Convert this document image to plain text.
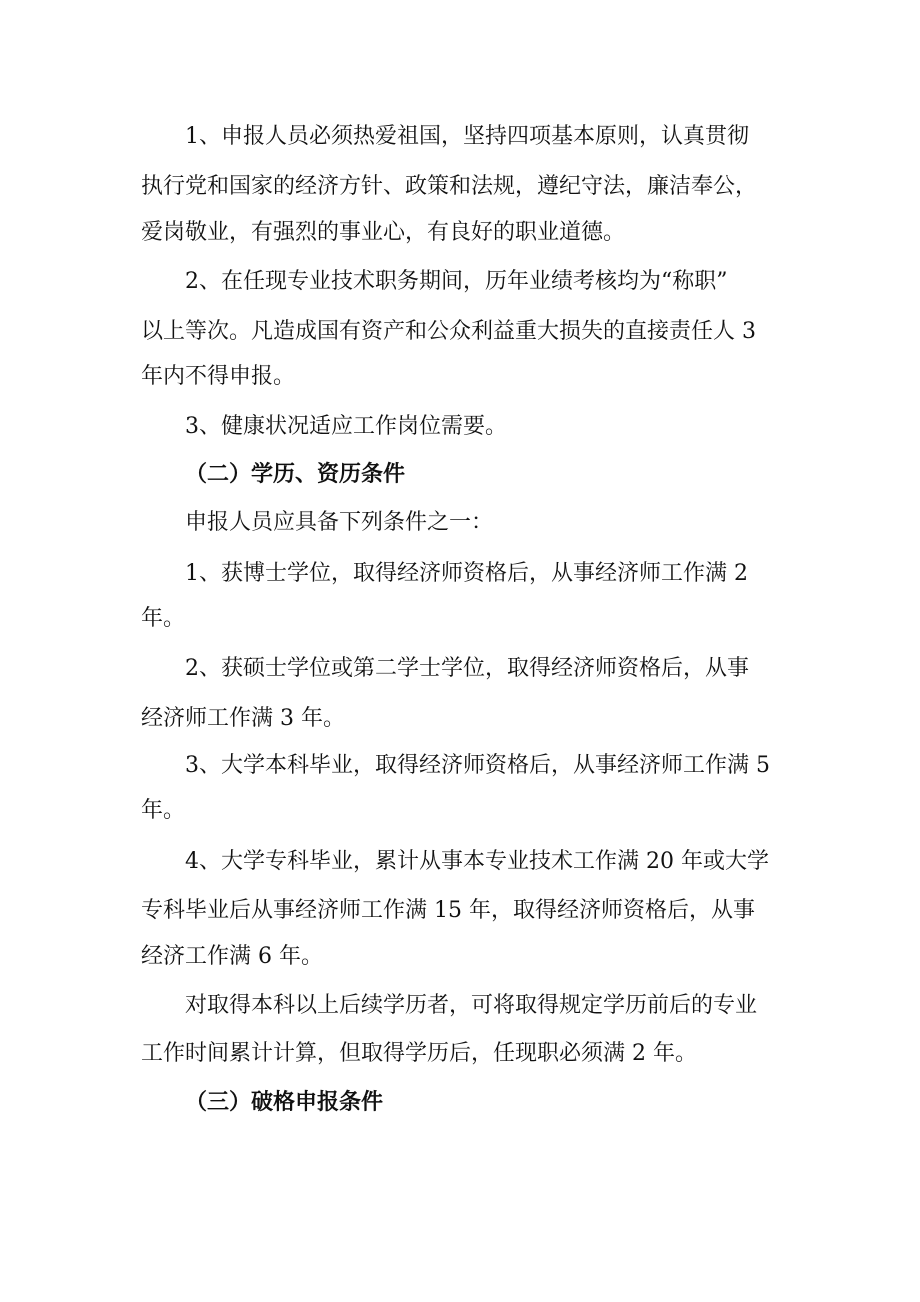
1、申报人员必须热爱祖国，坚持四项基本原则，认真贯彻
执行党和国家的经济方针、政策和法规，遵纪守法，廉洁奉公，
爱岗敬业，有强烈的事业心，有良好的职业道德。
2、在任现专业技术职务期间，历年业绩考核均为“称职”
以上等次。凡造成国有资产和公众利益重大损失的直接责任人 3
年内不得申报。
3、健康状况适应工作岗位需要。
（二）学历、资历条件
申报人员应具备下列条件之一：
1、获博士学位，取得经济师资格后，从事经济师工作满 2
年。
2、获硕士学位或第二学士学位，取得经济师资格后，从事
经济师工作满 3 年。
3、大学本科毕业，取得经济师资格后，从事经济师工作满 5
年。
4、大学专科毕业，累计从事本专业技术工作满 20 年或大学
专科毕业后从事经济师工作满 15 年，取得经济师资格后，从事
经济工作满 6 年。
对取得本科以上后续学历者，可将取得规定学历前后的专业
工作时间累计计算，但取得学历后，任现职必须满 2 年。
（三）破格申报条件
